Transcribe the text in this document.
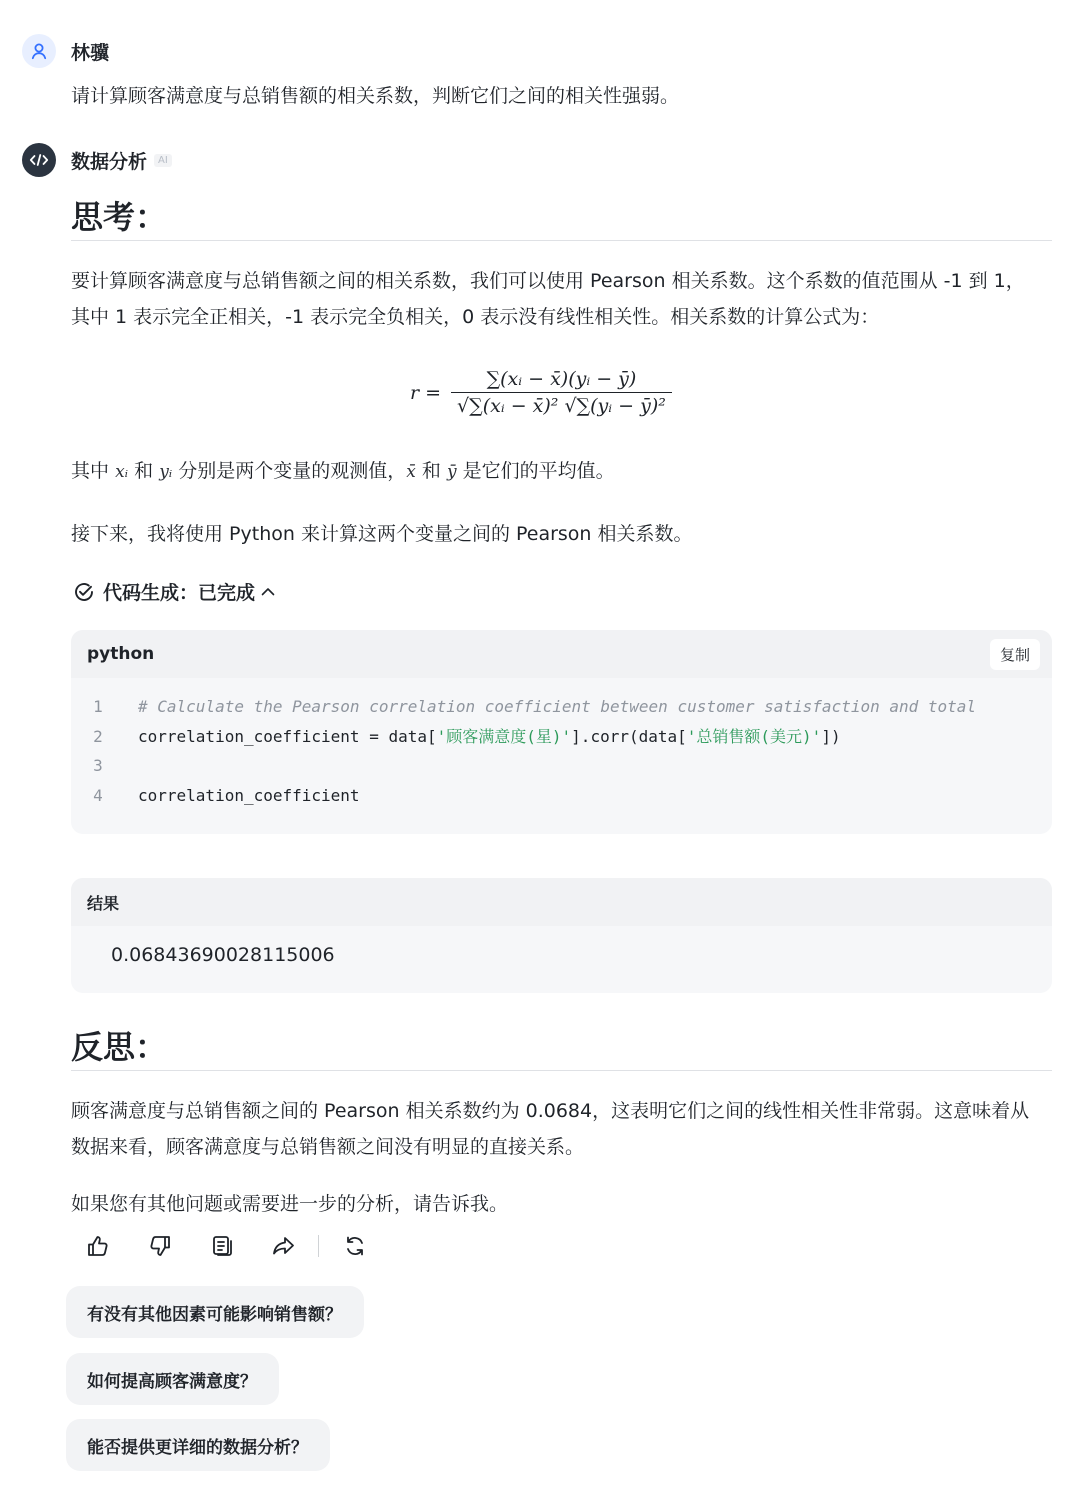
林骥
请计算顾客满意度与总销售额的相关系数，判断它们之间的相关性强弱。
数据分析	AI
思考：
要计算顾客满意度与总销售额之间的相关系数，我们可以使用 Pearson 相关系数。这个系数的值范围从 -1 到 1，其中 1 表示完全正相关，-1 表示完全负相关，0 表示没有线性相关性。相关系数的计算公式为：
$r = \frac{\text{∑(xᵢ − x̄)(yᵢ − ȳ)}}{\text{√∑(xᵢ − x̄)² √∑(yᵢ − ȳ)²}}$
其中 xᵢ 和 yᵢ 分别是两个变量的观测值，x̄ 和 ȳ 是它们的平均值。
接下来，我将使用 Python 来计算这两个变量之间的 Pearson 相关系数。
代码生成：已完成
python	复制
1	# Calculate the Pearson correlation coefficient between customer satisfaction and total
2	correlation_coefficient = data['顾客满意度(星)'].corr(data['总销售额(美元)'])
3
4	correlation_coefficient
结果
0.06843690028115006
反思：
顾客满意度与总销售额之间的 Pearson 相关系数约为 0.0684，这表明它们之间的线性相关性非常弱。这意味着从数据来看，顾客满意度与总销售额之间没有明显的直接关系。
如果您有其他问题或需要进一步的分析，请告诉我。
有没有其他因素可能影响销售额？
如何提高顾客满意度？
能否提供更详细的数据分析？
